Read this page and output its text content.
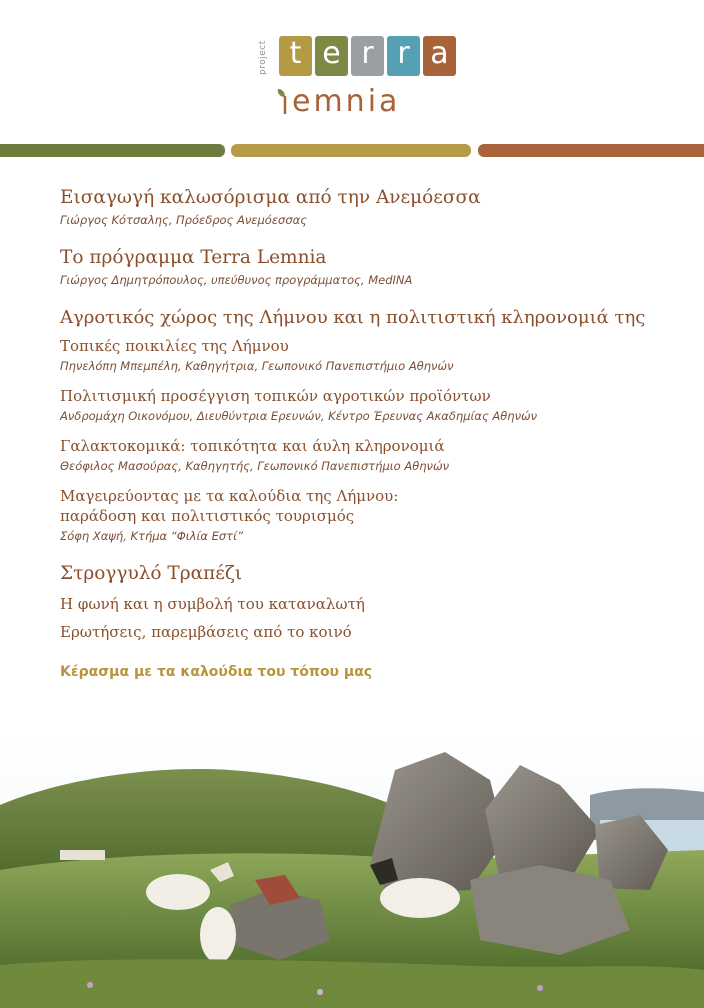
project t e r r a
emnia

Εισαγωγή καλωσόρισμα από την Ανεμόεσσα

Γιώργος Κότσαλης, Πρόεδρος Ανεμόεσσας

Το πρόγραμμα Terra Lemnia

Γιώργος Δημητρόπουλος, υπεύθυνος προγράμματος, MedINA

Αγροτικός χώρος της Λήμνου και η πολιτιστική κληρονομιά της

Τοπικές ποικιλίες της Λήμνου

Πηνελόπη Μπεμπέλη, Καθηγήτρια, Γεωπονικό Πανεπιστήμιο Αθηνών

Πολιτισμική προσέγγιση τοπικών αγροτικών προϊόντων

Ανδρομάχη Οικονόμου, Διευθύντρια Ερευνών, Κέντρο Έρευνας Ακαδημίας Αθηνών

Γαλακτοκομικά: τοπικότητα και άυλη κληρονομιά

Θεόφιλος Μασούρας, Καθηγητής, Γεωπονικό Πανεπιστήμιο Αθηνών

Μαγειρεύοντας με τα καλούδια της Λήμνου:

παράδοση και πολιτιστικός τουρισμός

Σόφη Χαψή, Κτήμα “Φιλία Εστί”

Στρογγυλό Τραπέζι

Η φωνή και η συμβολή του καταναλωτή

Ερωτήσεις, παρεμβάσεις από το κοινό

Κέρασμα με τα καλούδια του τόπου μας
